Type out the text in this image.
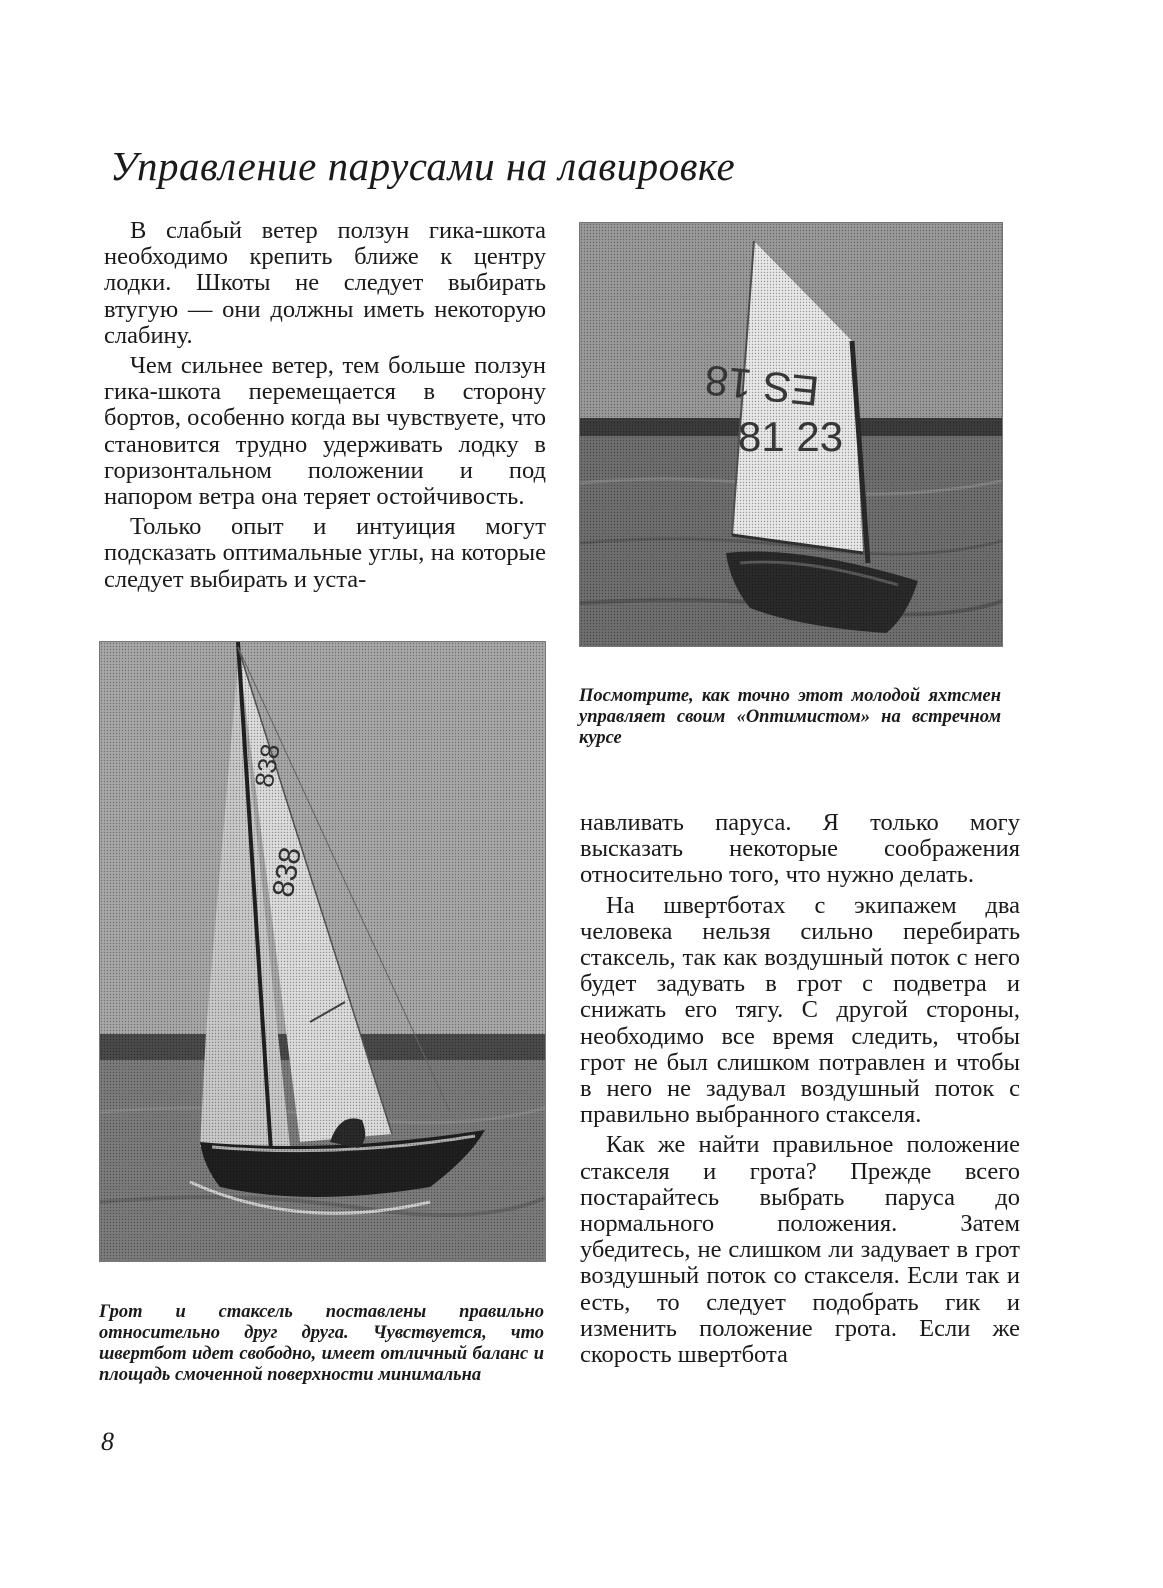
Управление парусами на лавировке

В слабый ветер ползун гика-шкота необходимо крепить ближе к центру лодки. Шкоты не следует выбирать втугую — они должны иметь некоторую слабину.

Чем сильнее ветер, тем больше ползун гика-шкота перемещается в сторону бортов, особенно когда вы чувствуете, что становится трудно удерживать лодку в горизонтальном положении и под напором ветра она теряет остойчивость.

Только опыт и интуиция могут подсказать оптимальные углы, на которые следует выбирать и уста-

Посмотрите, как точно этот молодой яхтсмен управляет своим «Оптимистом» на встречном курсе
Грот и стаксель поставлены правильно относительно друг друга. Чувствуется, что швертбот идет свободно, имеет отличный баланс и площадь смоченной поверхности минимальна

навливать паруса. Я только могу высказать некоторые соображения относительно того, что нужно делать.

На швертботах с экипажем два человека нельзя сильно перебирать стаксель, так как воздушный поток с него будет задувать в грот с подветра и снижать его тягу. С другой стороны, необходимо все время следить, чтобы грот не был слишком потравлен и чтобы в него не задувал воздушный поток с правильно выбранного стакселя.

Как же найти правильное положение стакселя и грота? Прежде всего постарайтесь выбрать паруса до нормального положения. Затем убедитесь, не слишком ли задувает в грот воздушный поток со стакселя. Если так и есть, то следует подобрать гик и изменить положение грота. Если же скорость швертбота

8
